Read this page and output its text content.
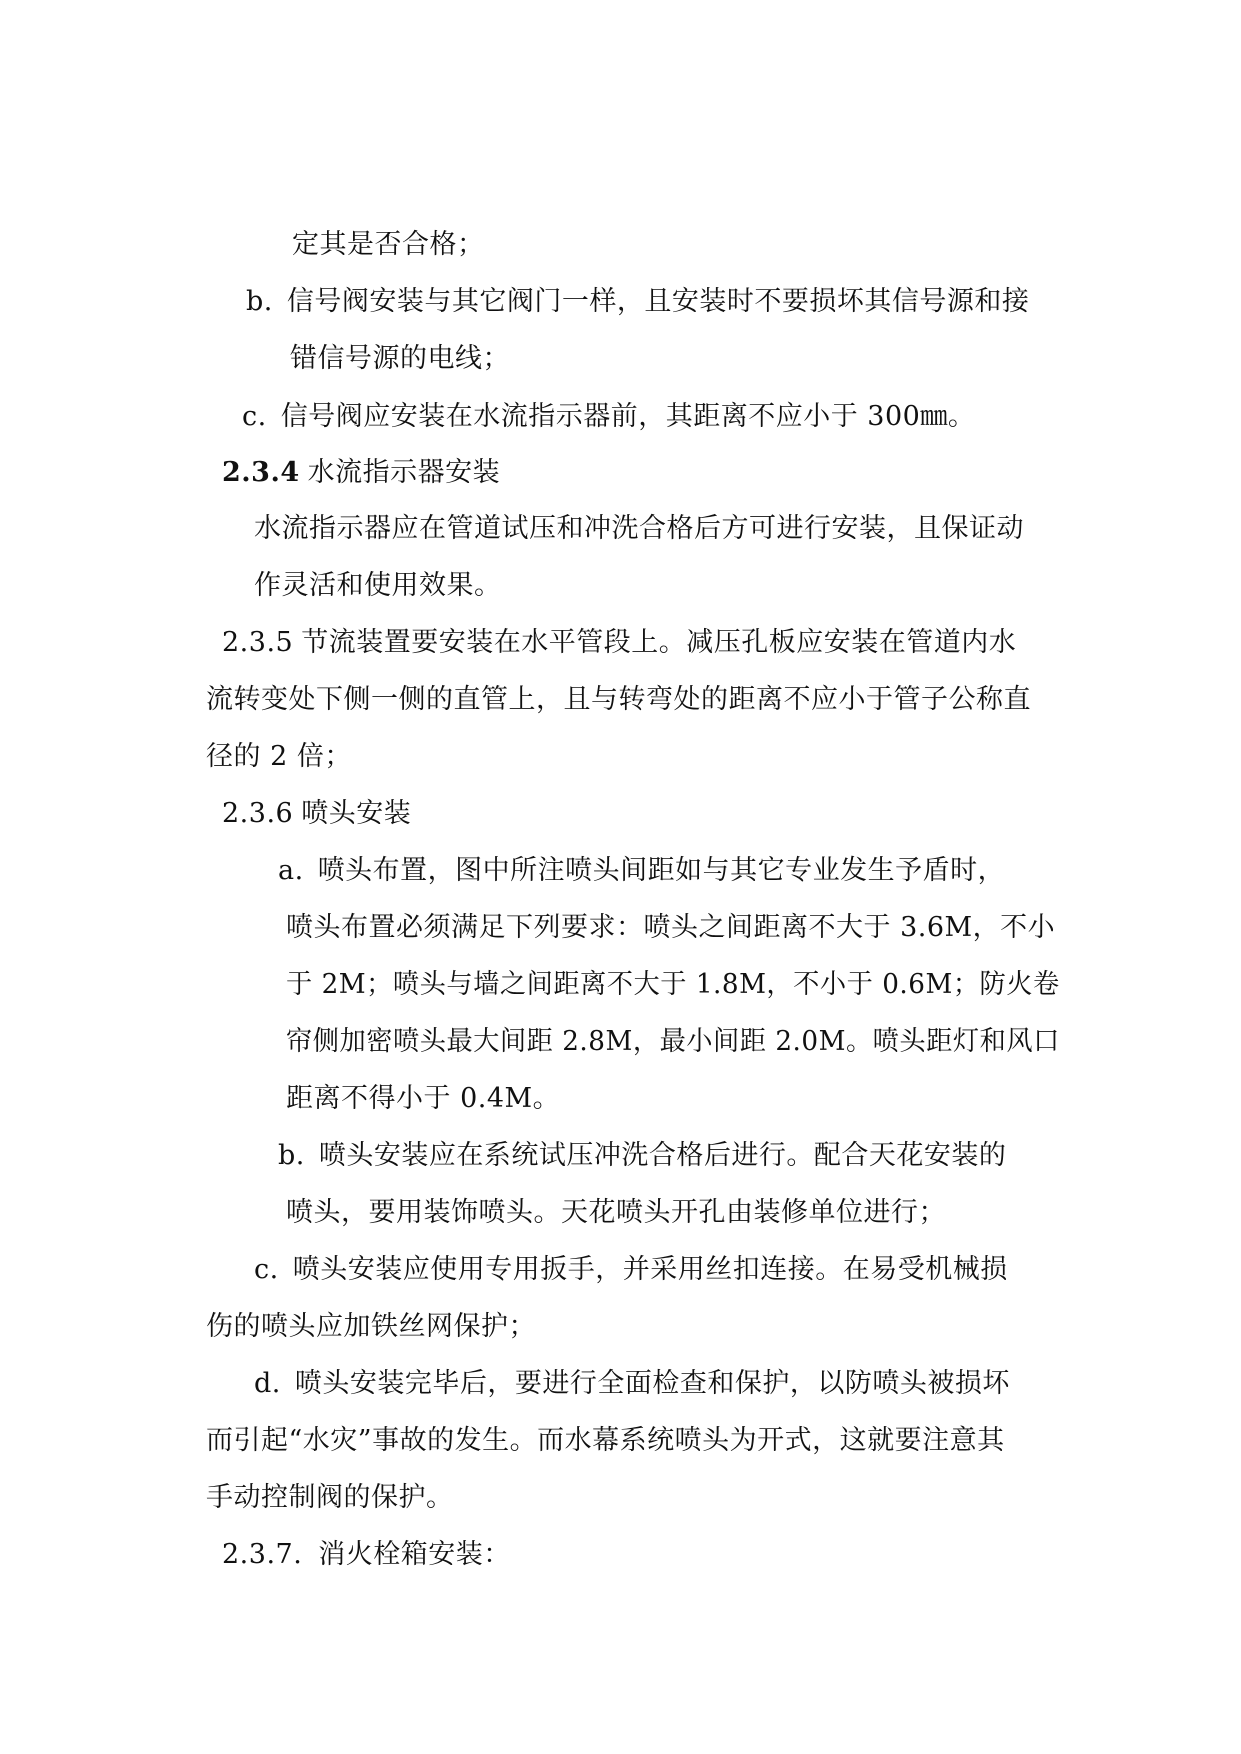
定其是否合格；
b. 信号阀安装与其它阀门一样，且安装时不要损坏其信号源和接
错信号源的电线；
c. 信号阀应安装在水流指示器前，其距离不应小于 300㎜。
2.3.4 水流指示器安装
水流指示器应在管道试压和冲洗合格后方可进行安装，且保证动
作灵活和使用效果。
2.3.5 节流装置要安装在水平管段上。减压孔板应安装在管道内水
流转变处下侧一侧的直管上，且与转弯处的距离不应小于管子公称直
径的 2 倍；
2.3.6 喷头安装
a. 喷头布置，图中所注喷头间距如与其它专业发生予盾时，
喷头布置必须满足下列要求：喷头之间距离不大于 3.6M，不小
于 2M；喷头与墙之间距离不大于 1.8M，不小于 0.6M；防火卷
帘侧加密喷头最大间距 2.8M，最小间距 2.0M。喷头距灯和风口
距离不得小于 0.4M。
b. 喷头安装应在系统试压冲洗合格后进行。配合天花安装的
喷头，要用装饰喷头。天花喷头开孔由装修单位进行；
c. 喷头安装应使用专用扳手，并采用丝扣连接。在易受机械损
伤的喷头应加铁丝网保护；
d. 喷头安装完毕后，要进行全面检查和保护，以防喷头被损坏
而引起“水灾”事故的发生。而水幕系统喷头为开式，这就要注意其
手动控制阀的保护。
2.3.7. 消火栓箱安装：
